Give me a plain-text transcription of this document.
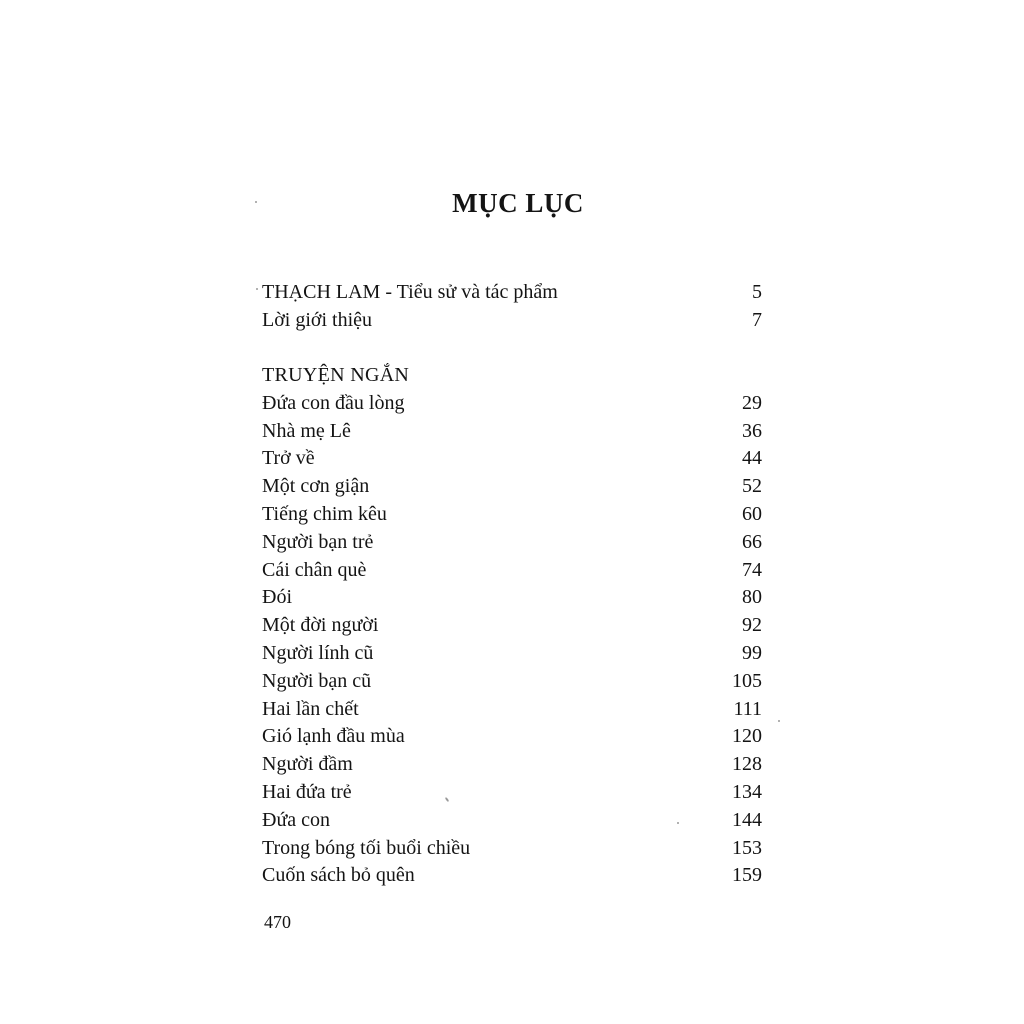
MỤC LỤC
THẠCH LAM - Tiểu sử và tác phẩm	5
Lời giới thiệu	7
TRUYỆN NGẮN
Đứa con đầu lòng	29
Nhà mẹ Lê	36
Trở về	44
Một cơn giận	52
Tiếng chim kêu	60
Người bạn trẻ	66
Cái chân què	74
Đói	80
Một đời người	92
Người lính cũ	99
Người bạn cũ	105
Hai lần chết	111
Gió lạnh đầu mùa	120
Người đầm	128
Hai đứa trẻ	134
Đứa con	144
Trong bóng tối buổi chiều	153
Cuốn sách bỏ quên	159
470
